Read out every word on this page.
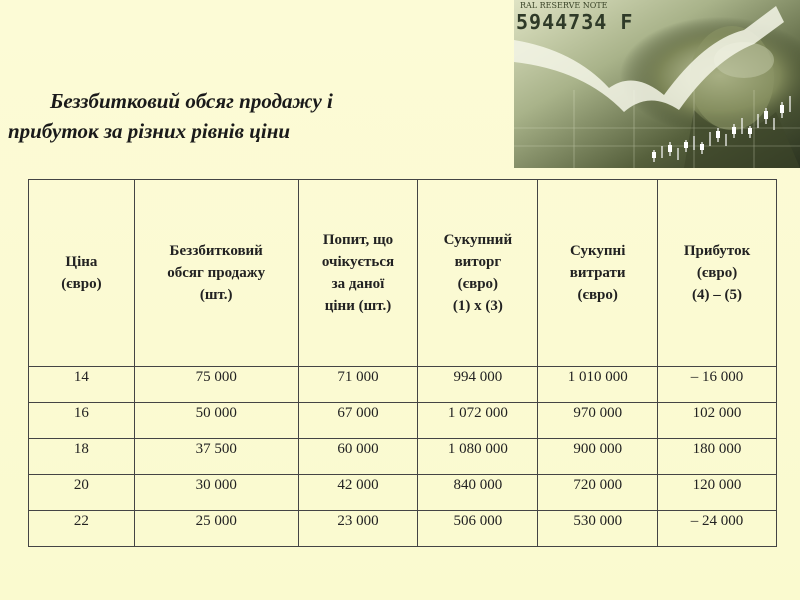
RAL RESERVE NOTE
5944734 F
Беззбитковий обсяг продажу і
прибуток за різних рівнів ціни
Ціна
(євро)	Беззбитковий
обсяг продажу
(шт.)	Попит, що
очікується
за даної
ціни (шт.)	Сукупний
виторг
(євро)
(1) х (3)	Сукупні
витрати
(євро)	Прибуток
(євро)
(4) – (5)

14	75 000	71 000	994 000	1 010 000	– 16 000
16	50 000	67 000	1 072 000	970 000	102 000
18	37 500	60 000	1 080 000	900 000	180 000
20	30 000	42 000	840 000	720 000	120 000
22	25 000	23 000	506 000	530 000	– 24 000
